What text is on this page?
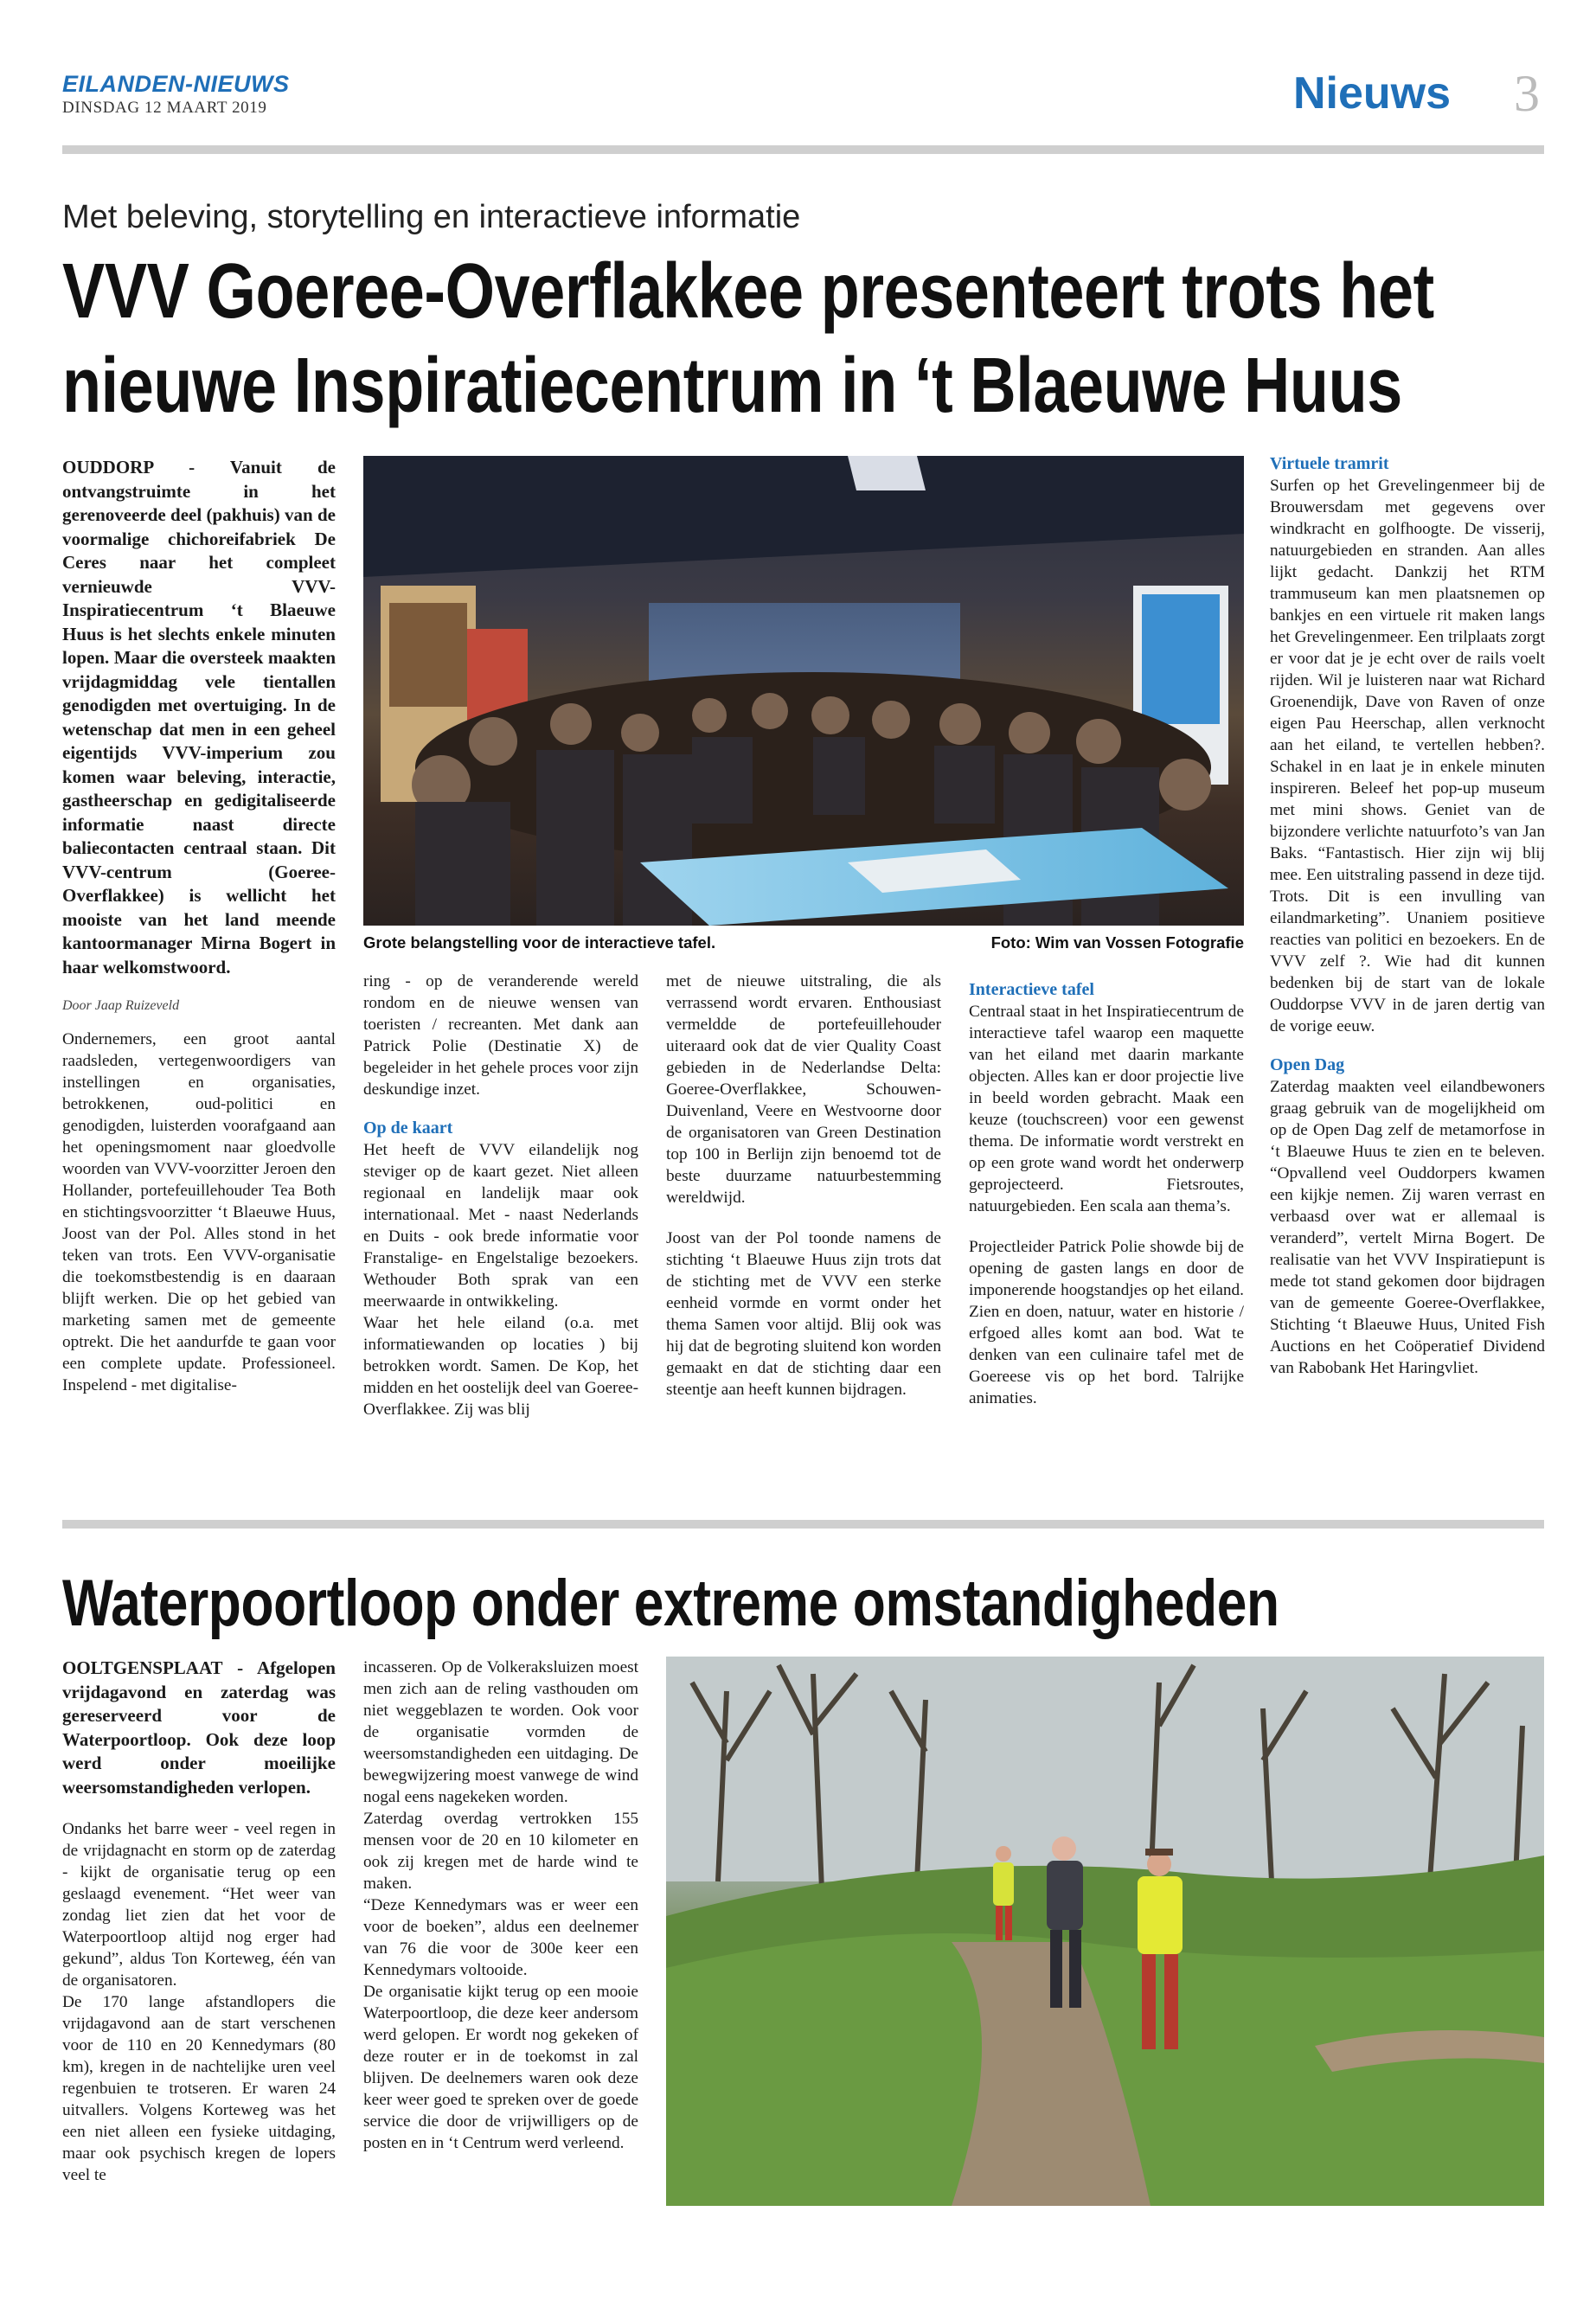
EILANDEN-NIEUWS
DINSDAG 12 MAART 2019	Nieuws 3
Met beleving, storytelling en interactieve informatie
VVV Goeree-Overflakkee presenteert trots het
nieuwe Inspiratiecentrum in ‘t Blaeuwe Huus

OUDDORP - Vanuit de ontvangstruimte in het gerenoveerde deel (pakhuis) van de voormalige chichoreifabriek De Ceres naar het compleet vernieuwde VVV-Inspiratiecentrum ‘t Blaeuwe Huus is het slechts enkele minuten lopen. Maar die oversteek maakten vrijdagmiddag vele tientallen genodigden met overtuiging. In de wetenschap dat men in een geheel eigentijds VVV-imperium zou komen waar beleving, interactie, gastheerschap en gedigitaliseerde informatie naast directe baliecontacten centraal staan. Dit VVV-centrum (Goeree-Overflakkee) is wellicht het mooiste van het land meende kantoormanager Mirna Bogert in haar welkomstwoord.

Door Jaap Ruizeveld

Ondernemers, een groot aantal raadsleden, vertegenwoordigers van instellingen en organisaties, betrokkenen, oud-politici en genodigden, luisterden voorafgaand aan het openingsmoment naar gloedvolle woorden van VVV-voorzitter Jeroen den Hollander, portefeuillehouder Tea Both en stichtingsvoorzitter ‘t Blaeuwe Huus, Joost van der Pol. Alles stond in het teken van trots. Een VVV-organisatie die toekomstbestendig is en daaraan blijft werken. Die op het gebied van marketing samen met de gemeente optrekt. Die het aandurfde te gaan voor een complete update. Professioneel. Inspelend - met digitalise-

Grote belangstelling voor de interactieve tafel.	Foto: Wim van Vossen Fotografie

ring - op de veranderende wereld rondom en de nieuwe wensen van toeristen / recreanten. Met dank aan Patrick Polie (Destinatie X) de begeleider in het gehele proces voor zijn deskundige inzet.

Op de kaart

Het heeft de VVV eilandelijk nog steviger op de kaart gezet. Niet alleen regionaal en landelijk maar ook internationaal. Met - naast Nederlands en Duits - ook brede informatie voor Franstalige- en Engelstalige bezoekers. Wethouder Both sprak van een meerwaarde in ontwikkeling.

Waar het hele eiland (o.a. met informatiewanden op locaties ) bij betrokken wordt. Samen. De Kop, het midden en het oostelijk deel van Goeree-Overflakkee. Zij was blij

met de nieuwe uitstraling, die als verrassend wordt ervaren. Enthousiast vermeldde de portefeuillehouder uiteraard ook dat de vier Quality Coast gebieden in de Nederlandse Delta: Goeree-Overflakkee, Schouwen-Duivenland, Veere en Westvoorne door de organisatoren van Green Destination top 100 in Berlijn zijn benoemd tot de beste duurzame natuurbestemming wereldwijd.

Joost van der Pol toonde namens de stichting ‘t Blaeuwe Huus zijn trots dat de stichting met de VVV een sterke eenheid vormde en vormt onder het thema Samen voor altijd. Blij ook was hij dat de begroting sluitend kon worden gemaakt en dat de stichting daar een steentje aan heeft kunnen bijdragen.

Interactieve tafel

Centraal staat in het Inspiratiecentrum de interactieve tafel waarop een maquette van het eiland met daarin markante objecten. Alles kan er door projectie live in beeld worden gebracht. Maak een keuze (touchscreen) voor een gewenst thema. De informatie wordt verstrekt en op een grote wand wordt het onderwerp geprojecteerd. Fietsroutes, natuurgebieden. Een scala aan thema’s.

Projectleider Patrick Polie showde bij de opening de gasten langs en door de imponerende hoogstandjes op het eiland. Zien en doen, natuur, water en historie / erfgoed alles komt aan bod. Wat te denken van een culinaire tafel met de Goereese vis op het bord. Talrijke animaties.

Virtuele tramrit

Surfen op het Grevelingenmeer bij de Brouwersdam met gegevens over windkracht en golfhoogte. De visserij, natuurgebieden en stranden. Aan alles lijkt gedacht. Dankzij het RTM trammuseum kan men plaatsnemen op bankjes en een virtuele rit maken langs het Grevelingenmeer. Een trilplaats zorgt er voor dat je je echt over de rails voelt rijden. Wil je luisteren naar wat Richard Groenendijk, Dave von Raven of onze eigen Pau Heerschap, allen verknocht aan het eiland, te vertellen hebben?. Schakel in en laat je in enkele minuten inspireren. Beleef het pop-up museum met mini shows. Geniet van de bijzondere verlichte natuurfoto’s van Jan Baks. “Fantastisch. Hier zijn wij blij mee. Een uitstraling passend in deze tijd. Trots. Dit is een invulling van eilandmarketing”. Unaniem positieve reacties van politici en bezoekers. En de VVV zelf ?. Wie had dit kunnen bedenken bij de start van de lokale Ouddorpse VVV in de jaren dertig van de vorige eeuw.

Open Dag

Zaterdag maakten veel eilandbewoners graag gebruik van de mogelijkheid om op de Open Dag zelf de metamorfose in ‘t Blaeuwe Huus te zien en te beleven. “Opvallend veel Ouddorpers kwamen een kijkje nemen. Zij waren verrast en verbaasd over wat er allemaal is veranderd”, vertelt Mirna Bogert. De realisatie van het VVV Inspiratiepunt is mede tot stand gekomen door bijdragen van de gemeente Goeree-Overflakkee, Stichting ‘t Blaeuwe Huus, United Fish Auctions en het Coöperatief Dividend van Rabobank Het Haringvliet.

Waterpoortloop onder extreme omstandigheden

OOLTGENSPLAAT - Afgelopen vrijdagavond en zaterdag was gereserveerd voor de Waterpoortloop. Ook deze loop werd onder moeilijke weersomstandigheden verlopen.

Ondanks het barre weer - veel regen in de vrijdagnacht en storm op de zaterdag - kijkt de organisatie terug op een geslaagd evenement. “Het weer van zondag liet zien dat het voor de Waterpoortloop altijd nog erger had gekund”, aldus Ton Korteweg, één van de organisatoren.

De 170 lange afstandlopers die vrijdagavond aan de start verschenen voor de 110 en 20 Kennedymars (80 km), kregen in de nachtelijke uren veel regenbuien te trotseren. Er waren 24 uitvallers. Volgens Korteweg was het een niet alleen een fysieke uitdaging, maar ook psychisch kregen de lopers veel te

incasseren. Op de Volkeraksluizen moest men zich aan de reling vasthouden om niet weggeblazen te worden. Ook voor de organisatie vormden de weersomstandigheden een uitdaging. De bewegwijzering moest vanwege de wind nogal eens nagekeken worden.

Zaterdag overdag vertrokken 155 mensen voor de 20 en 10 kilometer en ook zij kregen met de harde wind te maken.

“Deze Kennedymars was er weer een voor de boeken”, aldus een deelnemer van 76 die voor de 300e keer een Kennedymars voltooide.

De organisatie kijkt terug op een mooie Waterpoortloop, die deze keer andersom werd gelopen. Er wordt nog gekeken of deze router er in de toekomst in zal blijven. De deelnemers waren ook deze keer weer goed te spreken over de goede service die door de vrijwilligers op de posten en in ‘t Centrum werd verleend.
